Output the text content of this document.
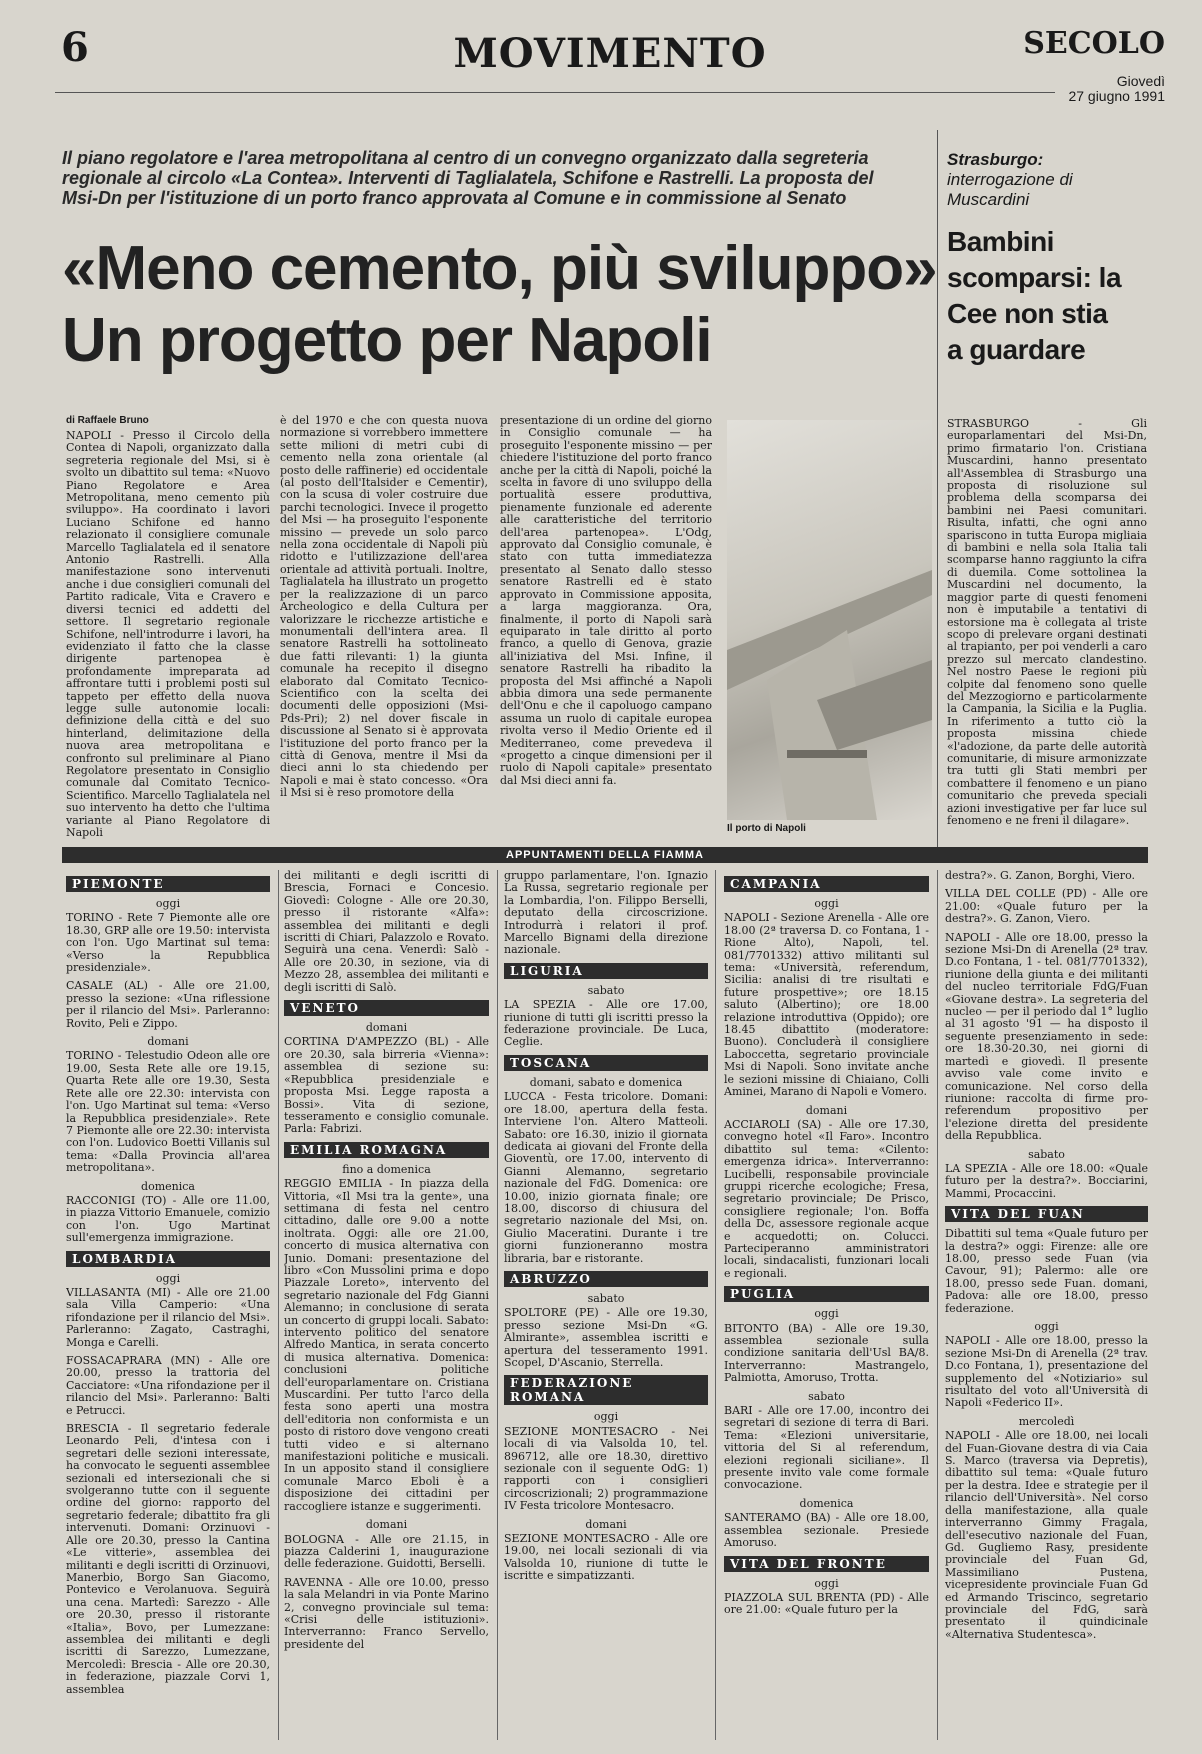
6	MOVIMENTO	SECOLO
Giovedì
27 giugno 1991
Il piano regolatore e l'area metropolitana al centro di un convegno organizzato dalla segreteria regionale al circolo «La Contea». Interventi di Taglialatela, Schifone e Rastrelli. La proposta del Msi-Dn per l'istituzione di un porto franco approvata al Comune e in commissione al Senato
«Meno cemento, più sviluppo»
Un progetto per Napoli
di Raffaele Bruno
NAPOLI - Presso il Circolo della Contea di Napoli, organizzato dalla segreteria regionale del Msi, si è svolto un dibattito sul tema: «Nuovo Piano Regolatore e Area Metropolitana, meno cemento più sviluppo». Ha coordinato i lavori Luciano Schifone ed hanno relazionato il consigliere comunale Marcello Taglialatela ed il senatore Antonio Rastrelli. Alla manifestazione sono intervenuti anche i due consiglieri comunali del Partito radicale, Vita e Cravero e diversi tecnici ed addetti del settore. Il segretario regionale Schifone, nell'introdurre i lavori, ha evidenziato il fatto che la classe dirigente partenopea è profondamente impreparata ad affrontare tutti i problemi posti sul tappeto per effetto della nuova legge sulle autonomie locali: definizione della città e del suo hinterland, delimitazione della nuova area metropolitana e confronto sul preliminare al Piano Regolatore presentato in Consiglio comunale dal Comitato Tecnico-Scientifico. Marcello Taglialatela nel suo intervento ha detto che l'ultima variante al Piano Regolatore di Napoli
è del 1970 e che con questa nuova normazione si vorrebbero immettere sette milioni di metri cubi di cemento nella zona orientale (al posto delle raffinerie) ed occidentale (al posto dell'Italsider e Cementir), con la scusa di voler costruire due parchi tecnologici. Invece il progetto del Msi — ha proseguito l'esponente missino — prevede un solo parco nella zona occidentale di Napoli più ridotto e l'utilizzazione dell'area orientale ad attività portuali. Inoltre, Taglialatela ha illustrato un progetto per la realizzazione di un parco Archeologico e della Cultura per valorizzare le ricchezze artistiche e monumentali dell'intera area. Il senatore Rastrelli ha sottolineato due fatti rilevanti: 1) la giunta comunale ha recepito il disegno elaborato dal Comitato Tecnico-Scientifico con la scelta dei documenti delle opposizioni (Msi-Pds-Pri); 2) nel dover fiscale in discussione al Senato si è approvata l'istituzione del porto franco per la città di Genova, mentre il Msi da dieci anni lo sta chiedendo per Napoli e mai è stato concesso. «Ora il Msi si è reso promotore della
presentazione di un ordine del giorno in Consiglio comunale — ha proseguito l'esponente missino — per chiedere l'istituzione del porto franco anche per la città di Napoli, poiché la scelta in favore di uno sviluppo della portualità essere produttiva, pienamente funzionale ed aderente alle caratteristiche del territorio dell'area partenopea». L'Odg, approvato dal Consiglio comunale, è stato con tutta immediatezza presentato al Senato dallo stesso senatore Rastrelli ed è stato approvato in Commissione apposita, a larga maggioranza. Ora, finalmente, il porto di Napoli sarà equiparato in tale diritto al porto franco, a quello di Genova, grazie all'iniziativa del Msi. Infine, il senatore Rastrelli ha ribadito la proposta del Msi affinché a Napoli abbia dimora una sede permanente dell'Onu e che il capoluogo campano assuma un ruolo di capitale europea rivolta verso il Medio Oriente ed il Mediterraneo, come prevedeva il «progetto a cinque dimensioni per il ruolo di Napoli capitale» presentato dal Msi dieci anni fa.
Il porto di Napoli
Strasburgo:
interrogazione di Muscardini
Bambini scomparsi: la Cee non stia a guardare
STRASBURGO - Gli europarlamentari del Msi-Dn, primo firmatario l'on. Cristiana Muscardini, hanno presentato all'Assemblea di Strasburgo una proposta di risoluzione sul problema della scomparsa dei bambini nei Paesi comunitari. Risulta, infatti, che ogni anno spariscono in tutta Europa migliaia di bambini e nella sola Italia tali scomparse hanno raggiunto la cifra di duemila. Come sottolinea la Muscardini nel documento, la maggior parte di questi fenomeni non è imputabile a tentativi di estorsione ma è collegata al triste scopo di prelevare organi destinati al trapianto, per poi venderli a caro prezzo sul mercato clandestino. Nel nostro Paese le regioni più colpite dal fenomeno sono quelle del Mezzogiorno e particolarmente la Campania, la Sicilia e la Puglia. In riferimento a tutto ciò la proposta missina chiede «l'adozione, da parte delle autorità comunitarie, di misure armonizzate tra tutti gli Stati membri per combattere il fenomeno e un piano comunitario che preveda speciali azioni investigative per far luce sul fenomeno e ne freni il dilagare».
APPUNTAMENTI DELLA FIAMMA
PIEMONTE
oggi
TORINO - Rete 7 Piemonte alle ore 18.30, GRP alle ore 19.50: intervista con l'on. Ugo Martinat sul tema: «Verso la Repubblica presidenziale».
CASALE (AL) - Alle ore 21.00, presso la sezione: «Una riflessione per il rilancio del Msi». Parleranno: Rovito, Peli e Zippo.
domani
TORINO - Telestudio Odeon alle ore 19.00, Sesta Rete alle ore 19.15, Quarta Rete alle ore 19.30, Sesta Rete alle ore 22.30: intervista con l'on. Ugo Martinat sul tema: «Verso la Repubblica presidenziale». Rete 7 Piemonte alle ore 22.30: intervista con l'on. Ludovico Boetti Villanis sul tema: «Dalla Provincia all'area metropolitana».
domenica
RACCONIGI (TO) - Alle ore 11.00, in piazza Vittorio Emanuele, comizio con l'on. Ugo Martinat sull'emergenza immigrazione.
LOMBARDIA
oggi
VILLASANTA (MI) - Alle ore 21.00 sala Villa Camperio: «Una rifondazione per il rilancio del Msi». Parleranno: Zagato, Castraghi, Monga e Carelli.
FOSSACAPRARA (MN) - Alle ore 20.00, presso la trattoria del Cacciatore: «Una rifondazione per il rilancio del Msi». Parleranno: Balti e Petrucci.
BRESCIA - Il segretario federale Leonardo Peli, d'intesa con i segretari delle sezioni interessate, ha convocato le seguenti assemblee sezionali ed intersezionali che si svolgeranno tutte con il seguente ordine del giorno: rapporto del segretario federale; dibattito fra gli intervenuti. Domani: Orzinuovi - Alle ore 20.30, presso la Cantina «Le vitterie», assemblea dei militanti e degli iscritti di Orzinuovi, Manerbio, Borgo San Giacomo, Pontevico e Verolanuova. Seguirà una cena. Martedì: Sarezzo - Alle ore 20.30, presso il ristorante «Italia», Bovo, per Lumezzane: assemblea dei militanti e degli iscritti di Sarezzo, Lumezzane, Mercoledì: Brescia - Alle ore 20.30, in federazione, piazzale Corvi 1, assemblea
dei militanti e degli iscritti di Brescia, Fornaci e Concesio. Giovedì: Cologne - Alle ore 20.30, presso il ristorante «Alfa»: assemblea dei militanti e degli iscritti di Chiari, Palazzolo e Rovato. Seguirà una cena. Venerdì: Salò - Alle ore 20.30, in sezione, via di Mezzo 28, assemblea dei militanti e degli iscritti di Salò.
VENETO
domani
CORTINA D'AMPEZZO (BL) - Alle ore 20.30, sala birreria «Vienna»: assemblea di sezione su: «Repubblica presidenziale e proposta Msi. Legge raposta a Bossi». Vita di sezione, tesseramento e consiglio comunale. Parla: Fabrizi.
EMILIA ROMAGNA
fino a domenica
REGGIO EMILIA - In piazza della Vittoria, «Il Msi tra la gente», una settimana di festa nel centro cittadino, dalle ore 9.00 a notte inoltrata. Oggi: alle ore 21.00, concerto di musica alternativa con Junio. Domani: presentazione del libro «Con Mussolini prima e dopo Piazzale Loreto», intervento del segretario nazionale del Fdg Gianni Alemanno; in conclusione di serata un concerto di gruppi locali. Sabato: intervento politico del senatore Alfredo Mantica, in serata concerto di musica alternativa. Domenica: conclusioni politiche dell'europarlamentare on. Cristiana Muscardini. Per tutto l'arco della festa sono aperti una mostra dell'editoria non conformista e un posto di ristoro dove vengono creati tutti video e si alternano manifestazioni politiche e musicali. In un apposito stand il consigliere comunale Marco Eboli è a disposizione dei cittadini per raccogliere istanze e suggerimenti.
domani
BOLOGNA - Alle ore 21.15, in piazza Calderini 1, inaugurazione delle federazione. Guidotti, Berselli.
RAVENNA - Alle ore 10.00, presso la sala Melandri in via Ponte Marino 2, convegno provinciale sul tema: «Crisi delle istituzioni». Interverranno: Franco Servello, presidente del
gruppo parlamentare, l'on. Ignazio La Russa, segretario regionale per la Lombardia, l'on. Filippo Berselli, deputato della circoscrizione. Introdurrà i relatori il prof. Marcello Bignami della direzione nazionale.
LIGURIA
sabato
LA SPEZIA - Alle ore 17.00, riunione di tutti gli iscritti presso la federazione provinciale. De Luca, Ceglie.
TOSCANA
domani, sabato e domenica
LUCCA - Festa tricolore. Domani: ore 18.00, apertura della festa. Interviene l'on. Altero Matteoli. Sabato: ore 16.30, inizio il giornata dedicata ai giovani del Fronte della Gioventù, ore 17.00, intervento di Gianni Alemanno, segretario nazionale del FdG. Domenica: ore 10.00, inizio giornata finale; ore 18.00, discorso di chiusura del segretario nazionale del Msi, on. Giulio Maceratini. Durante i tre giorni funzioneranno mostra libraria, bar e ristorante.
ABRUZZO
sabato
SPOLTORE (PE) - Alle ore 19.30, presso sezione Msi-Dn «G. Almirante», assemblea iscritti e apertura del tesseramento 1991. Scopel, D'Ascanio, Sterrella.
FEDERAZIONE ROMANA
oggi
SEZIONE MONTESACRO - Nei locali di via Valsolda 10, tel. 896712, alle ore 18.30, direttivo sezionale con il seguente OdG: 1) rapporti con i consiglieri circoscrizionali; 2) programmazione IV Festa tricolore Montesacro.
domani
SEZIONE MONTESACRO - Alle ore 19.00, nei locali sezionali di via Valsolda 10, riunione di tutte le iscritte e simpatizzanti.
CAMPANIA
oggi
NAPOLI - Sezione Arenella - Alle ore 18.00 (2ª traversa D. co Fontana, 1 - Rione Alto), Napoli, tel. 081/7701332) attivo militanti sul tema: «Università, referendum, Sicilia: analisi di tre risultati e future prospettive»; ore 18.15 saluto (Albertino); ore 18.00 relazione introduttiva (Oppido); ore 18.45 dibattito (moderatore: Buono). Concluderà il consigliere Laboccetta, segretario provinciale Msi di Napoli. Sono invitate anche le sezioni missine di Chiaiano, Colli Aminei, Marano di Napoli e Vomero.
domani
ACCIAROLI (SA) - Alle ore 17.30, convegno hotel «Il Faro». Incontro dibattito sul tema: «Cilento: emergenza idrica». Interverranno: Lucibelli, responsabile provinciale gruppi ricerche ecologiche; Fresa, segretario provinciale; De Prisco, consigliere regionale; l'on. Boffa della Dc, assessore regionale acque e acquedotti; on. Colucci. Parteciperanno amministratori locali, sindacalisti, funzionari locali e regionali.
PUGLIA
oggi
BITONTO (BA) - Alle ore 19.30, assemblea sezionale sulla condizione sanitaria dell'Usl BA/8. Interverranno: Mastrangelo, Palmiotta, Amoruso, Trotta.
sabato
BARI - Alle ore 17.00, incontro dei segretari di sezione di terra di Bari. Tema: «Elezioni universitarie, vittoria del Si al referendum, elezioni regionali siciliane». Il presente invito vale come formale convocazione.
domenica
SANTERAMO (BA) - Alle ore 18.00, assemblea sezionale. Presiede Amoruso.
VITA DEL FRONTE
oggi
PIAZZOLA SUL BRENTA (PD) - Alle ore 21.00: «Quale futuro per la
destra?». G. Zanon, Borghi, Viero.
VILLA DEL COLLE (PD) - Alle ore 21.00: «Quale futuro per la destra?». G. Zanon, Viero.
NAPOLI - Alle ore 18.00, presso la sezione Msi-Dn di Arenella (2ª trav. D.co Fontana, 1 - tel. 081/7701332), riunione della giunta e dei militanti del nucleo territoriale FdG/Fuan «Giovane destra». La segreteria del nucleo — per il periodo dal 1° luglio al 31 agosto '91 — ha disposto il seguente presenziamento in sede: ore 18.30-20.30, nei giorni di martedì e giovedì. Il presente avviso vale come invito e comunicazione. Nel corso della riunione: raccolta di firme pro-referendum propositivo per l'elezione diretta del presidente della Repubblica.
sabato
LA SPEZIA - Alle ore 18.00: «Quale futuro per la destra?». Bocciarini, Mammi, Procaccini.
VITA DEL FUAN
Dibattiti sul tema «Quale futuro per la destra?» oggi: Firenze: alle ore 18.00, presso sede Fuan (via Cavour, 91); Palermo: alle ore 18.00, presso sede Fuan. domani, Padova: alle ore 18.00, presso federazione.
oggi
NAPOLI - Alle ore 18.00, presso la sezione Msi-Dn di Arenella (2ª trav. D.co Fontana, 1), presentazione del supplemento del «Notiziario» sul risultato del voto all'Università di Napoli «Federico II».
mercoledì
NAPOLI - Alle ore 18.00, nei locali del Fuan-Giovane destra di via Caia S. Marco (traversa via Depretis), dibattito sul tema: «Quale futuro per la destra. Idee e strategie per il rilancio dell'Università». Nel corso della manifestazione, alla quale interverranno Gimmy Fragala, dell'esecutivo nazionale del Fuan, Gd. Gugliemo Rasy, presidente provinciale del Fuan Gd, Massimiliano Pustena, vicepresidente provinciale Fuan Gd ed Armando Triscinco, segretario provinciale del FdG, sarà presentato il quindicinale «Alternativa Studentesca».
